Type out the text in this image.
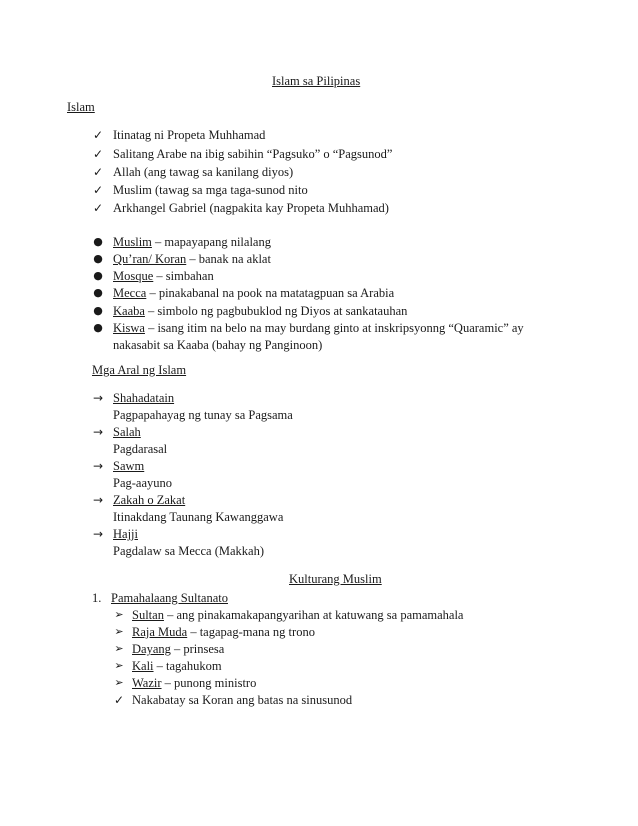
Islam sa Pilipinas
Islam
✓ Itinatag ni Propeta Muhhamad
✓ Salitang Arabe na ibig sabihin “Pagsuko” o “Pagsunod”
✓ Allah (ang tawag sa kanilang diyos)
✓ Muslim (tawag sa mga taga-sunod nito
✓ Arkhangel Gabriel (nagpakita kay Propeta Muhhamad)
● Muslim – mapayapang nilalang
● Qu’ran/ Koran – banak na aklat
● Mosque – simbahan
● Mecca – pinakabanal na pook na matatagpuan sa Arabia
● Kaaba – simbolo ng pagbubuklod ng Diyos at sankatauhan
● Kiswa – isang itim na belo na may burdang ginto at inskripsyonng “Quaramic” ay
nakasabit sa Kaaba (bahay ng Panginoon)
Mga Aral ng Islam
→ Shahadatain
Pagpapahayag ng tunay sa Pagsama
→ Salah
Pagdarasal
→ Sawm
Pag-aayuno
→ Zakah o Zakat
Itinakdang Taunang Kawanggawa
→ Hajji
Pagdalaw sa Mecca (Makkah)
Kulturang Muslim
1. Pamahalaang Sultanato
➢ Sultan – ang pinakamakapangyarihan at katuwang sa pamamahala
➢ Raja Muda – tagapag-mana ng trono
➢ Dayang – prinsesa
➢ Kali – tagahukom
➢ Wazir – punong ministro
✓ Nakabatay sa Koran ang batas na sinusunod
